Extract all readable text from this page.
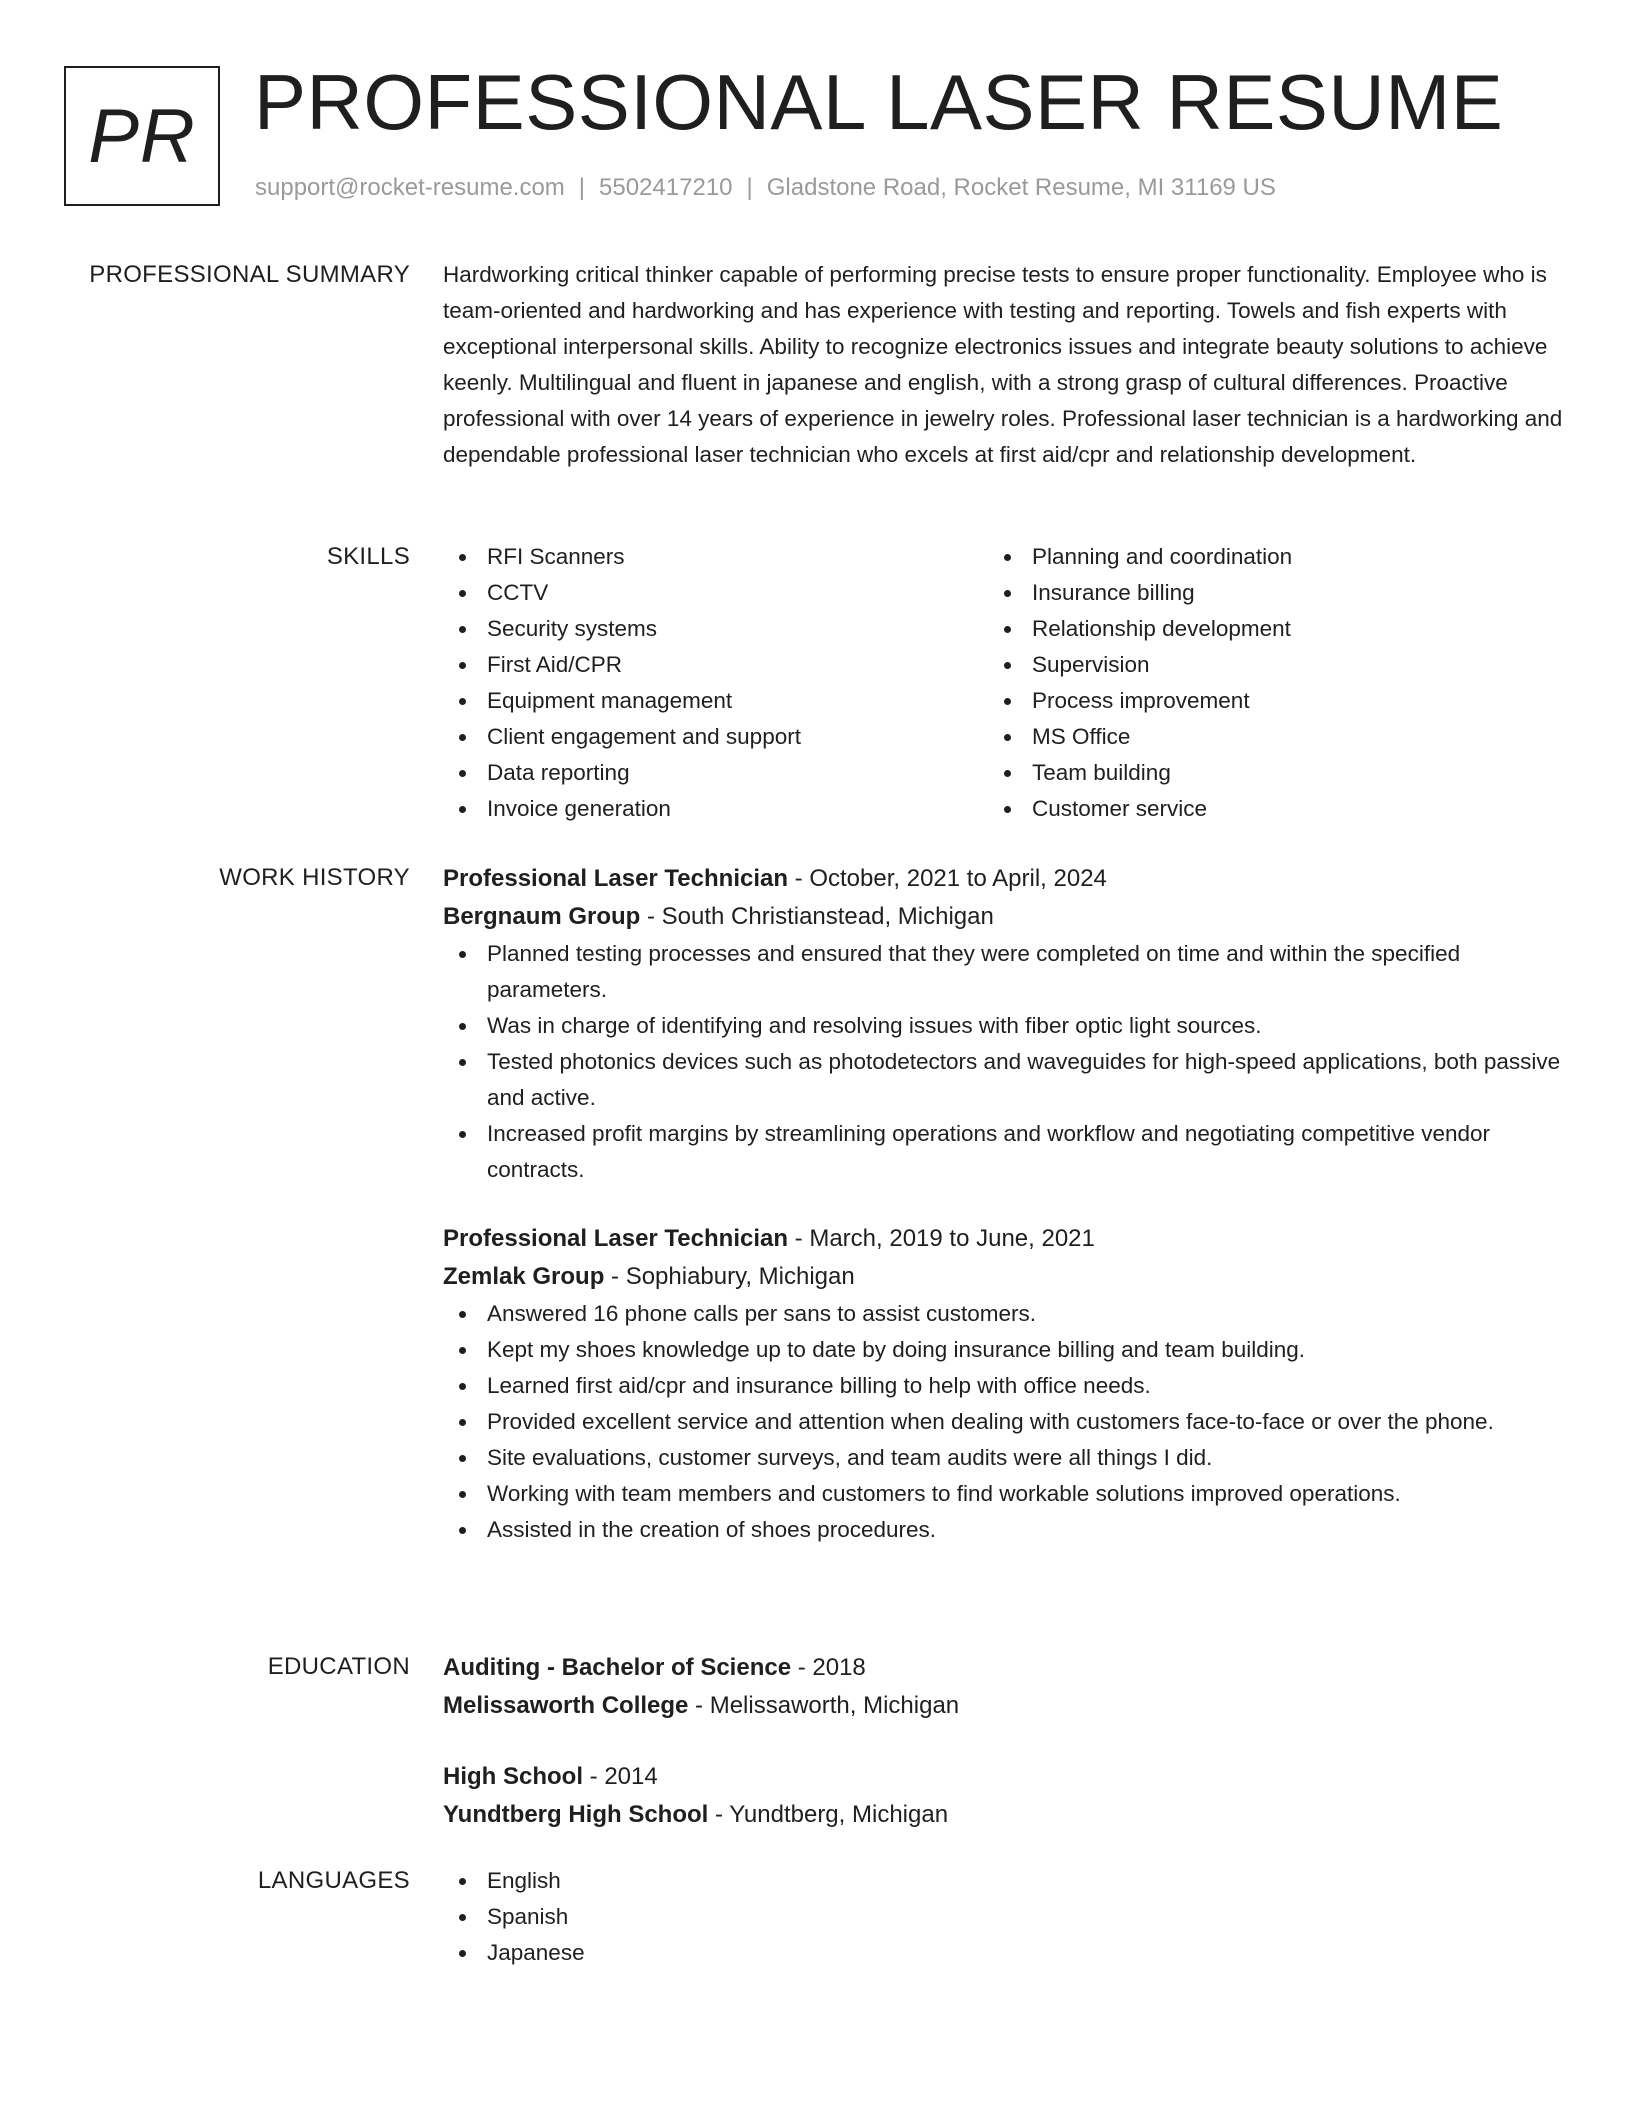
PR PROFESSIONAL LASER RESUME
support@rocket-resume.com | 5502417210 | Gladstone Road, Rocket Resume, MI 31169 US
PROFESSIONAL SUMMARY Hardworking critical thinker capable of performing precise tests to ensure proper functionality. Employee who is team-oriented and hardworking and has experience with testing and reporting. Towels and fish experts with exceptional interpersonal skills. Ability to recognize electronics issues and integrate beauty solutions to achieve keenly. Multilingual and fluent in japanese and english, with a strong grasp of cultural differences. Proactive professional with over 14 years of experience in jewelry roles. Professional laser technician is a hardworking and dependable professional laser technician who excels at first aid/cpr and relationship development.

SKILLS	RFI Scanners
CCTV
Security systems
First Aid/CPR
Equipment management
Client engagement and support
Data reporting
Invoice generation
Planning and coordination
Insurance billing
Relationship development
Supervision
Process improvement
MS Office
Team building
Customer service
WORK HISTORY Professional Laser Technician - October, 2021 to April, 2024
Bergnaum Group - South Christianstead, Michigan
Planned testing processes and ensured that they were completed on time and within the specified parameters.
Was in charge of identifying and resolving issues with fiber optic light sources.
Tested photonics devices such as photodetectors and waveguides for high-speed applications, both passive and active.
Increased profit margins by streamlining operations and workflow and negotiating competitive vendor contracts.
Professional Laser Technician - March, 2019 to June, 2021
Zemlak Group - Sophiabury, Michigan
Answered 16 phone calls per sans to assist customers.
Kept my shoes knowledge up to date by doing insurance billing and team building.
Learned first aid/cpr and insurance billing to help with office needs.
Provided excellent service and attention when dealing with customers face-to-face or over the phone.
Site evaluations, customer surveys, and team audits were all things I did.
Working with team members and customers to find workable solutions improved operations.
Assisted in the creation of shoes procedures.
EDUCATION Auditing - Bachelor of Science - 2018
Melissaworth College - Melissaworth, Michigan
High School - 2014
Yundtberg High School - Yundtberg, Michigan
LANGUAGES	English
Spanish
Japanese
